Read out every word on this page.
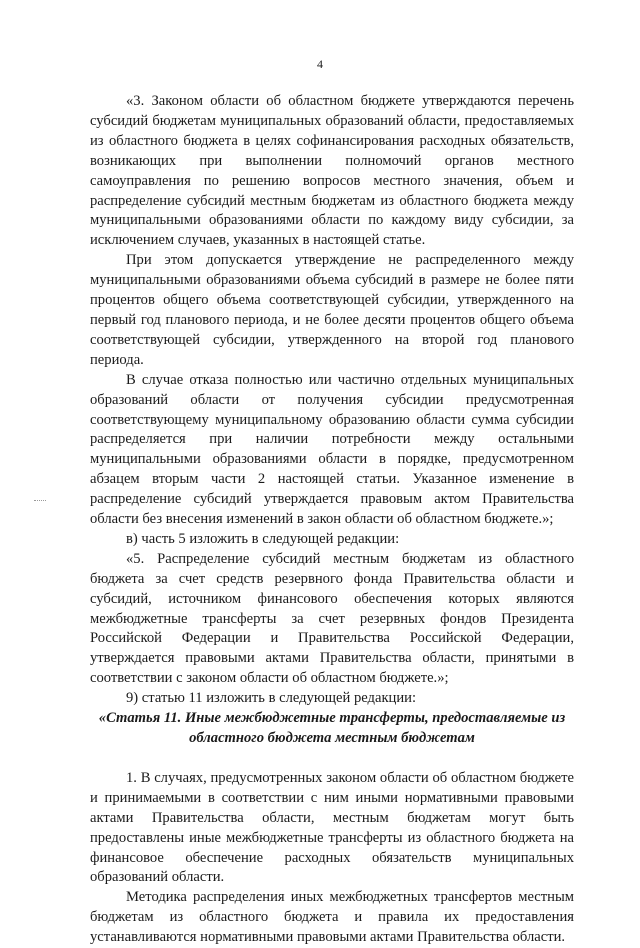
4

«3. Законом области об областном бюджете утверждаются перечень субсидий бюджетам муниципальных образований области, предоставляемых из областного бюджета в целях софинансирования расходных обязательств, возникающих при выполнении полномочий органов местного самоуправления по решению вопросов местного значения, объем и распределение субсидий местным бюджетам из областного бюджета между муниципальными образованиями области по каждому виду субсидии, за исключением случаев, указанных в настоящей статье.

При этом допускается утверждение не распределенного между муниципальными образованиями объема субсидий в размере не более пяти процентов общего объема соответствующей субсидии, утвержденного на первый год планового периода, и не более десяти процентов общего объема соответствующей субсидии, утвержденного на второй год планового периода.

В случае отказа полностью или частично отдельных муниципальных образований области от получения субсидии предусмотренная соответствующему муниципальному образованию области сумма субсидии распределяется при наличии потребности между остальными муниципальными образованиями области в порядке, предусмотренном абзацем вторым части 2 настоящей статьи. Указанное изменение в распределение субсидий утверждается правовым актом Правительства области без внесения изменений в закон области об областном бюджете.»;

в) часть 5 изложить в следующей редакции:

«5. Распределение субсидий местным бюджетам из областного бюджета за счет средств резервного фонда Правительства области и субсидий, источником финансового обеспечения которых являются межбюджетные трансферты за счет резервных фондов Президента Российской Федерации и Правительства Российской Федерации, утверждается правовыми актами Правительства области, принятыми в соответствии с законом области об областном бюджете.»;

9) статью 11 изложить в следующей редакции:

«Статья 11. Иные межбюджетные трансферты, предоставляемые из областного бюджета местным бюджетам

1. В случаях, предусмотренных законом области об областном бюджете и принимаемыми в соответствии с ним иными нормативными правовыми актами Правительства области, местным бюджетам могут быть предоставлены иные межбюджетные трансферты из областного бюджета на финансовое обеспечение расходных обязательств муниципальных образований области.

Методика распределения иных межбюджетных трансфертов местным бюджетам из областного бюджета и правила их предоставления устанавливаются нормативными правовыми актами Правительства области.
